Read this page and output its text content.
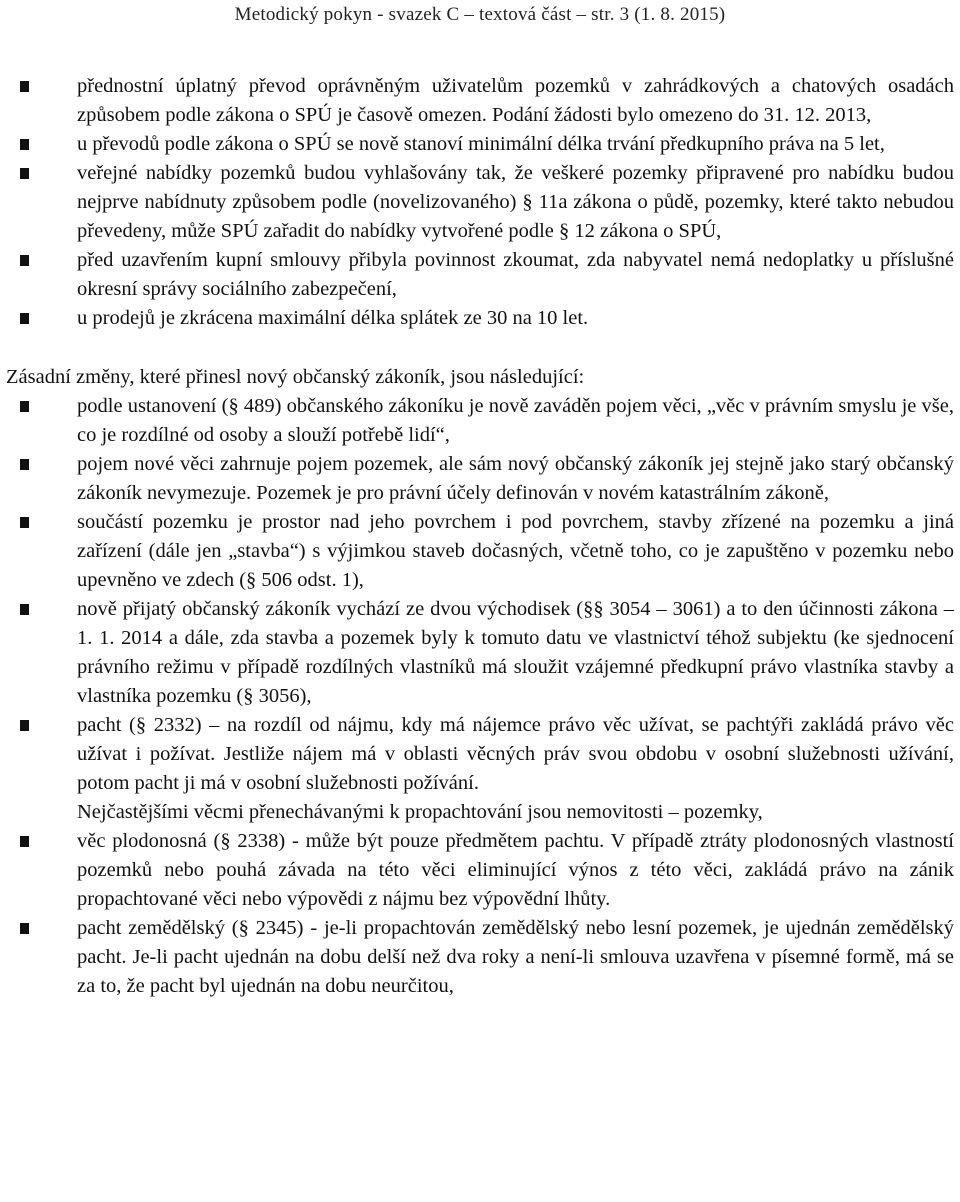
Metodický pokyn - svazek C – textová část – str. 3 (1. 8. 2015)
přednostní úplatný převod oprávněným uživatelům pozemků v zahrádkových a chatových osadách způsobem podle zákona o SPÚ je časově omezen. Podání žádosti bylo omezeno do 31. 12. 2013,
u převodů podle zákona o SPÚ se nově stanoví minimální délka trvání předkupního práva na 5 let,
veřejné nabídky pozemků budou vyhlašovány tak, že veškeré pozemky připravené pro nabídku budou nejprve nabídnuty způsobem podle (novelizovaného) § 11a zákona o půdě, pozemky, které takto nebudou převedeny, může SPÚ zařadit do nabídky vytvořené podle § 12 zákona o SPÚ,
před uzavřením kupní smlouvy přibyla povinnost zkoumat, zda nabyvatel nemá nedoplatky u příslušné okresní správy sociálního zabezpečení,
u prodejů je zkrácena maximální délka splátek ze 30 na 10 let.

Zásadní změny, které přinesl nový občanský zákoník, jsou následující:

podle ustanovení (§ 489) občanského zákoníku je nově zaváděn pojem věci, „věc v právním smyslu je vše, co je rozdílné od osoby a slouží potřebě lidí“,
pojem nové věci zahrnuje pojem pozemek, ale sám nový občanský zákoník jej stejně jako starý občanský zákoník nevymezuje. Pozemek je pro právní účely definován v novém katastrálním zákoně,
součástí pozemku je prostor nad jeho povrchem i pod povrchem, stavby zřízené na pozemku a jiná zařízení (dále jen „stavba“) s výjimkou staveb dočasných, včetně toho, co je zapuštěno v pozemku nebo upevněno ve zdech (§ 506 odst. 1),
nově přijatý občanský zákoník vychází ze dvou východisek (§§ 3054 – 3061) a to den účinnosti zákona – 1. 1. 2014 a dále, zda stavba a pozemek byly k tomuto datu ve vlastnictví téhož subjektu (ke sjednocení právního režimu v případě rozdílných vlastníků má sloužit vzájemné předkupní právo vlastníka stavby a vlastníka pozemku (§ 3056),
pacht (§ 2332) – na rozdíl od nájmu, kdy má nájemce právo věc užívat, se pachtýři zakládá právo věc užívat i požívat. Jestliže nájem má v oblasti věcných práv svou obdobu v osobní služebnosti užívání, potom pacht ji má v osobní služebnosti požívání.

Nejčastějšími věcmi přenechávanými k propachtování jsou nemovitosti – pozemky,

věc plodonosná (§ 2338) - může být pouze předmětem pachtu. V případě ztráty plodonosných vlastností pozemků nebo pouhá závada na této věci eliminující výnos z této věci, zakládá právo na zánik propachtované věci nebo výpovědi z nájmu bez výpovědní lhůty.
pacht zemědělský (§ 2345) - je-li propachtován zemědělský nebo lesní pozemek, je ujednán zemědělský pacht. Je-li pacht ujednán na dobu delší než dva roky a není-li smlouva uzavřena v písemné formě, má se za to, že pacht byl ujednán na dobu neurčitou,
